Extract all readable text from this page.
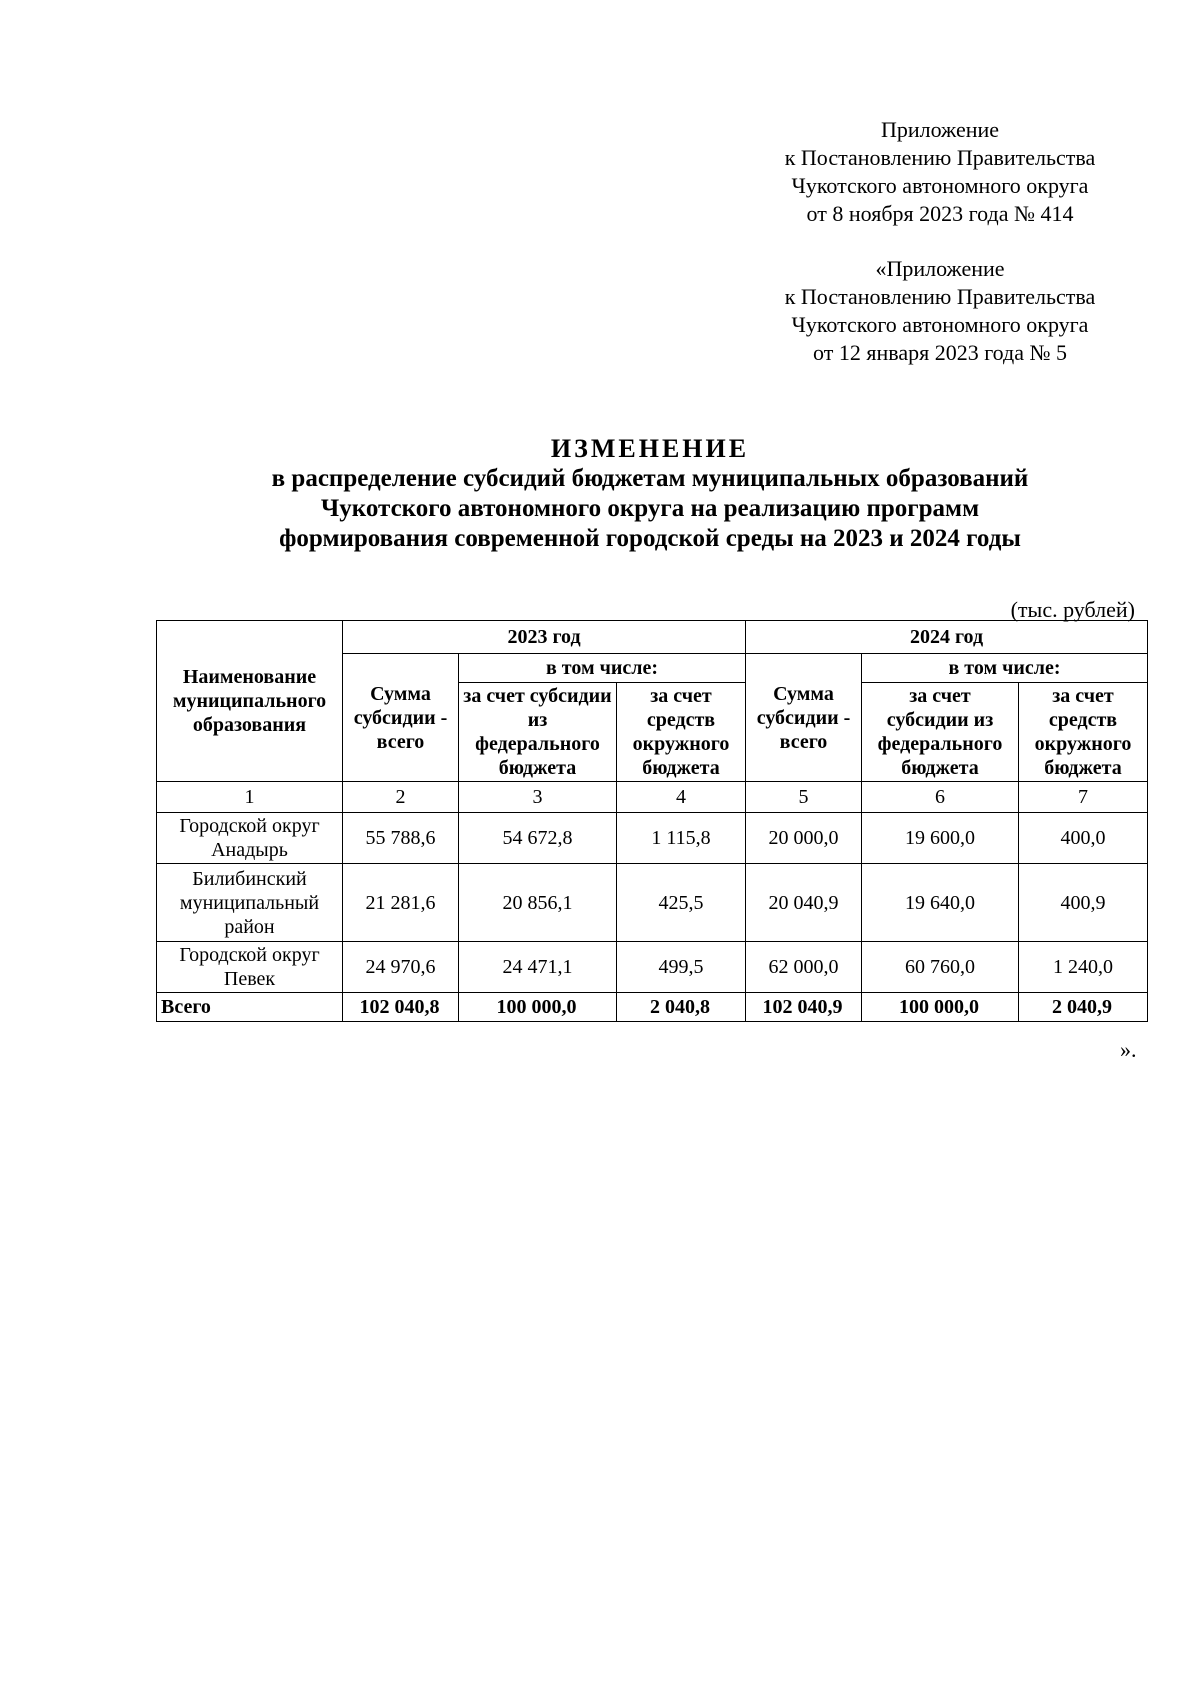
Приложение

к Постановлению Правительства

Чукотского автономного округа

от 8 ноября 2023 года № 414

«Приложение

к Постановлению Правительства

Чукотского автономного округа

от 12 января 2023 года № 5

ИЗМЕНЕНИЕ

в распределение субсидий бюджетам муниципальных образований

Чукотского автономного округа на реализацию программ

формирования современной городской среды на 2023 и 2024 годы

(тыс. рублей)
Наименование муниципального образования	2023 год			2024 год		
	Сумма субсидии - всего	в том числе:		Сумма субсидии - всего	в том числе:	
		за счет субсидии из федерального бюджета	за счет средств окружного бюджета		за счет субсидии из федерального бюджета	за счет средств окружного бюджета
1	2	3	4	5	6	7
Городской округ Анадырь	55 788,6	54 672,8	1 115,8	20 000,0	19 600,0	400,0
Билибинский муниципальный район	21 281,6	20 856,1	425,5	20 040,9	19 640,0	400,9
Городской округ Певек	24 970,6	24 471,1	499,5	62 000,0	60 760,0	1 240,0
Всего	102 040,8	100 000,0	2 040,8	102 040,9	100 000,0	2 040,9
».
